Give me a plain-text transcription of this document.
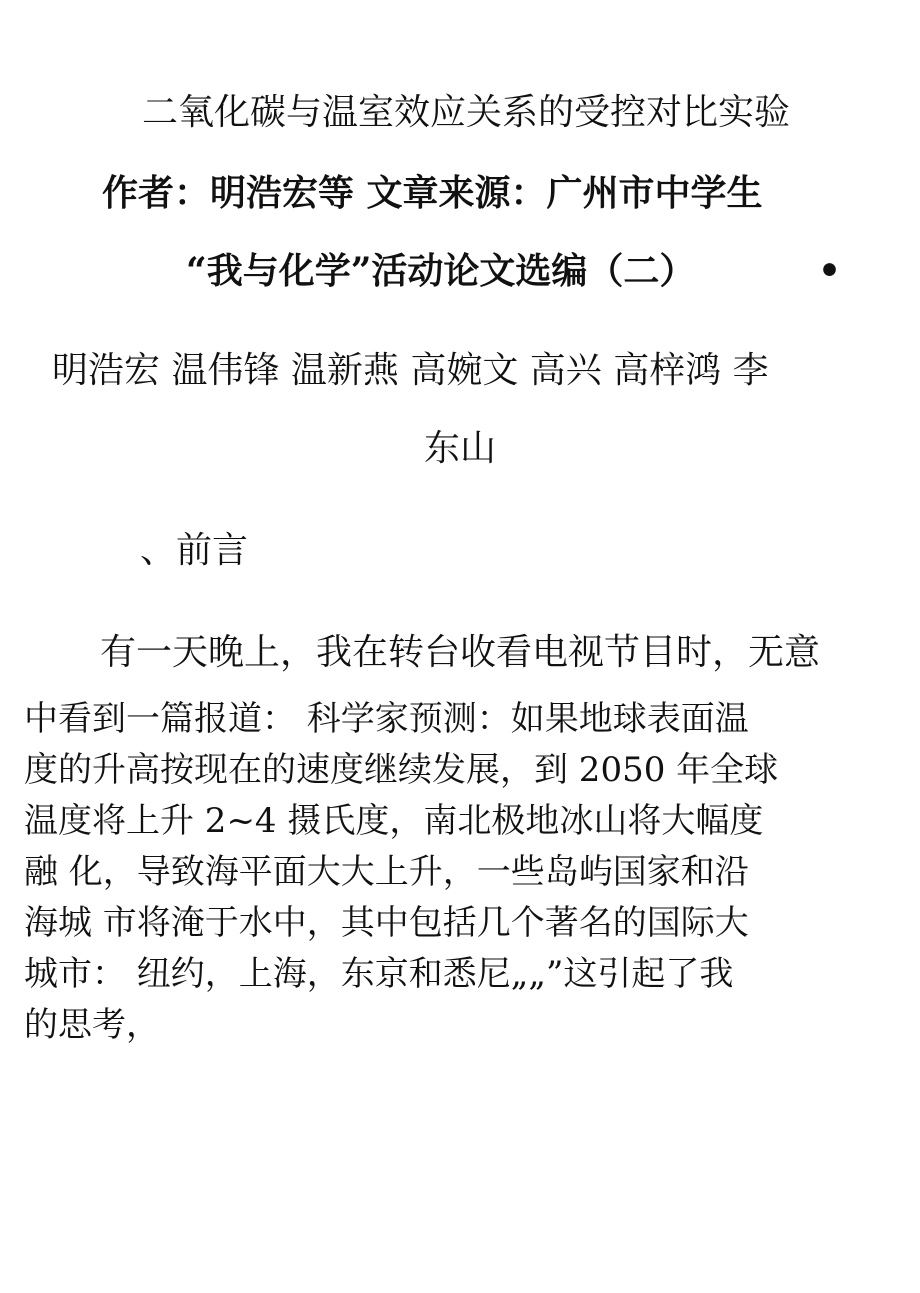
二氧化碳与温室效应关系的受控对比实验
作者：明浩宏等 文章来源：广州市中学生
“我与化学”活动论文选编（二）	•
明浩宏 温伟锋 温新燕 高婉文 高兴 高梓鸿 李
东山
、前言
有一天晚上，我在转台收看电视节目时，无意
中看到一篇报道： 科学家预测：如果地球表面温
度的升高按现在的速度继续发展，到 2050 年全球
温度将上升 2~4 摄氏度，南北极地冰山将大幅度
融 化，导致海平面大大上升，一些岛屿国家和沿
海城 市将淹于水中，其中包括几个著名的国际大
城市： 纽约，上海，东京和悉尼„„”这引起了我
的思考，
